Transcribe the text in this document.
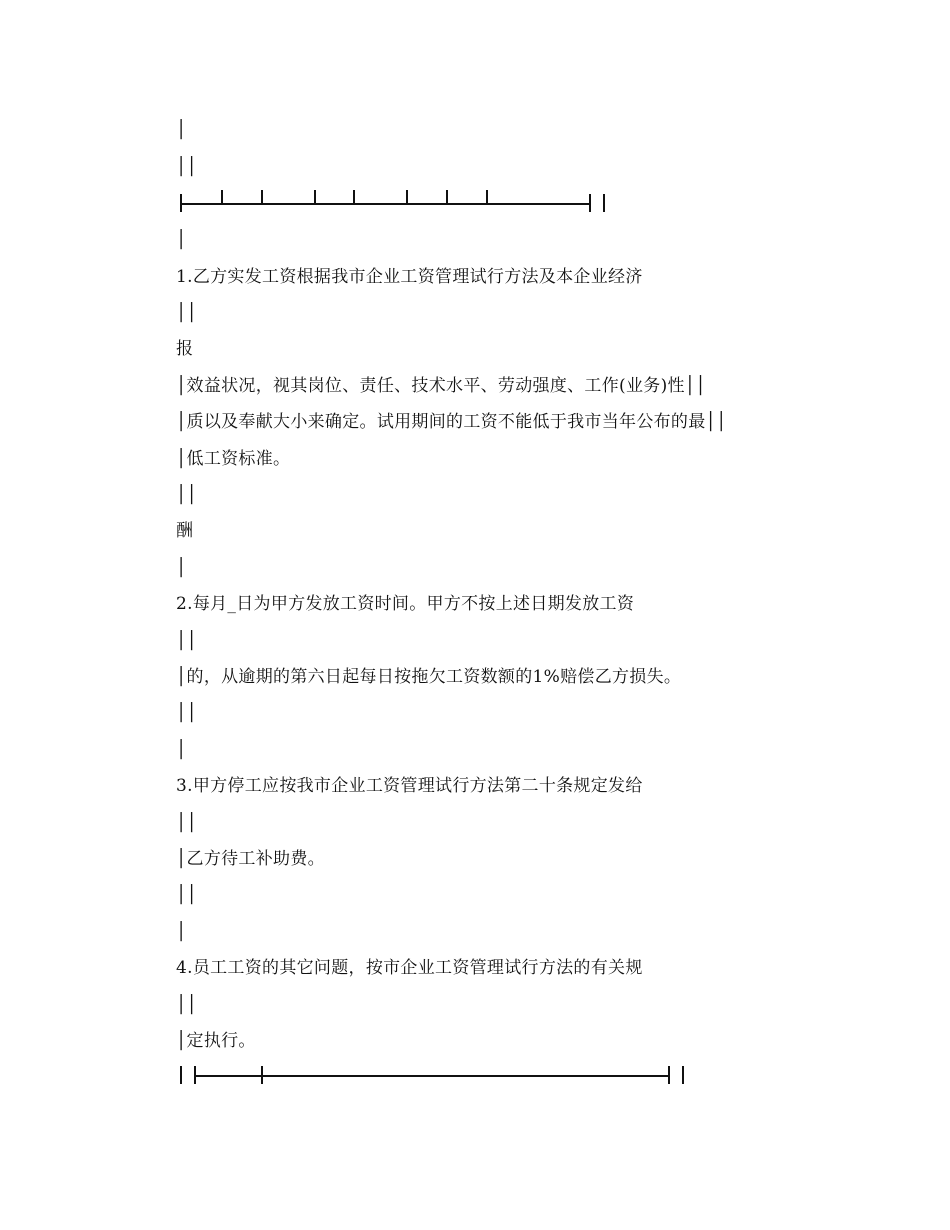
│
││
│
1.乙方实发工资根据我市企业工资管理试行方法及本企业经济
││
报
│效益状况，视其岗位、责任、技术水平、劳动强度、工作(业务)性││
│质以及奉献大小来确定。试用期间的工资不能低于我市当年公布的最││
│低工资标准。
││
酬
│
2.每月_日为甲方发放工资时间。甲方不按上述日期发放工资
││
│的，从逾期的第六日起每日按拖欠工资数额的1%赔偿乙方损失。
││
│
3.甲方停工应按我市企业工资管理试行方法第二十条规定发给
││
│乙方待工补助费。
││
│
4.员工工资的其它问题，按市企业工资管理试行方法的有关规
││
│定执行。
